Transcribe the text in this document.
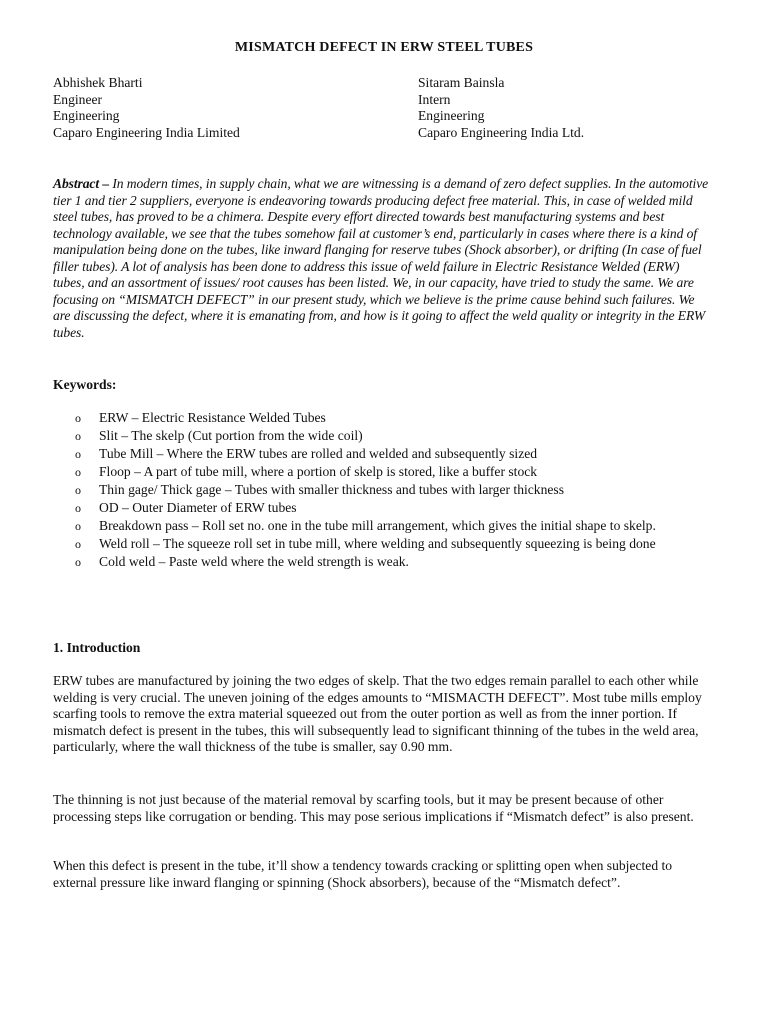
MISMATCH DEFECT IN ERW STEEL TUBES
Abhishek Bharti
Engineer
Engineering
Caparo Engineering India Limited
Sitaram Bainsla
Intern
Engineering
Caparo Engineering India Ltd.

Abstract – In modern times, in supply chain, what we are witnessing is a demand of zero defect supplies. In the automotive tier 1 and tier 2 suppliers, everyone is endeavoring towards producing defect free material. This, in case of welded mild steel tubes, has proved to be a chimera. Despite every effort directed towards best manufacturing systems and best technology available, we see that the tubes somehow fail at customer’s end, particularly in cases where there is a kind of manipulation being done on the tubes, like inward flanging for reserve tubes (Shock absorber), or drifting (In case of fuel filler tubes). A lot of analysis has been done to address this issue of weld failure in Electric Resistance Welded (ERW) tubes, and an assortment of issues/ root causes has been listed. We, in our capacity, have tried to study the same. We are focusing on “MISMATCH DEFECT” in our present study, which we believe is the prime cause behind such failures. We are discussing the defect, where it is emanating from, and how is it going to affect the weld quality or integrity in the ERW tubes.

Keywords:
o ERW – Electric Resistance Welded Tubes
o Slit – The skelp (Cut portion from the wide coil)
o Tube Mill – Where the ERW tubes are rolled and welded and subsequently sized
o Floop – A part of tube mill, where a portion of skelp is stored, like a buffer stock
o Thin gage/ Thick gage – Tubes with smaller thickness and tubes with larger thickness
o OD – Outer Diameter of ERW tubes
o Breakdown pass – Roll set no. one in the tube mill arrangement, which gives the initial shape to skelp.
o Weld roll – The squeeze roll set in tube mill, where welding and subsequently squeezing is being done
o Cold weld – Paste weld where the weld strength is weak.
1. Introduction

ERW tubes are manufactured by joining the two edges of skelp. That the two edges remain parallel to each other while welding is very crucial. The uneven joining of the edges amounts to “MISMACTH DEFECT”. Most tube mills employ scarfing tools to remove the extra material squeezed out from the outer portion as well as from the inner portion. If mismatch defect is present in the tubes, this will subsequently lead to significant thinning of the tubes in the weld area, particularly, where the wall thickness of the tube is smaller, say 0.90 mm.

The thinning is not just because of the material removal by scarfing tools, but it may be present because of other processing steps like corrugation or bending. This may pose serious implications if “Mismatch defect” is also present.

When this defect is present in the tube, it’ll show a tendency towards cracking or splitting open when subjected to external pressure like inward flanging or spinning (Shock absorbers), because of the “Mismatch defect”.
